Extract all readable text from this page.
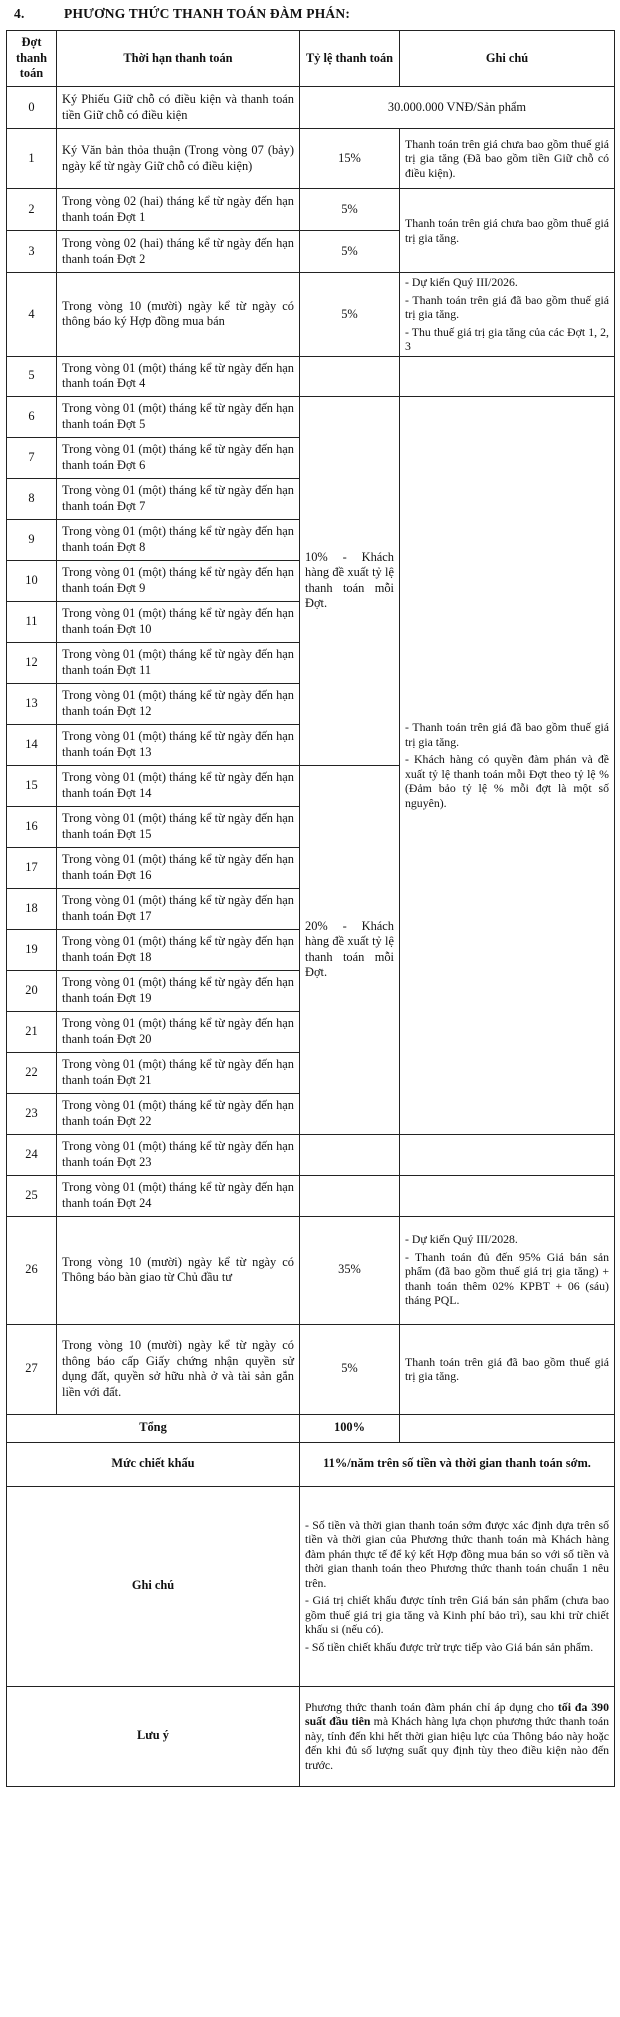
4.	PHƯƠNG THỨC THANH TOÁN ĐÀM PHÁN:
Đợt thanh toán	Thời hạn thanh toán	Tỷ lệ thanh toán	Ghi chú
0	Ký Phiếu Giữ chỗ có điều kiện và thanh toán tiền Giữ chỗ có điều kiện	30.000.000 VNĐ/Sản phẩm	
1	Ký Văn bản thỏa thuận (Trong vòng 07 (bảy) ngày kể từ ngày Giữ chỗ có điều kiện)	15%	Thanh toán trên giá chưa bao gồm thuế giá trị gia tăng (Đã bao gồm tiền Giữ chỗ có điều kiện).
2	Trong vòng 02 (hai) tháng kể từ ngày đến hạn thanh toán Đợt 1	5%	Thanh toán trên giá chưa bao gồm thuế giá trị gia tăng.
3	Trong vòng 02 (hai) tháng kể từ ngày đến hạn thanh toán Đợt 2	5%	
4	Trong vòng 10 (mười) ngày kể từ ngày có thông báo ký Hợp đồng mua bán	5%	- Dự kiến Quý III/2026.

- Thanh toán trên giá đã bao gồm thuế giá trị gia tăng.

- Thu thuế giá trị gia tăng của các Đợt 1, 2, 3

5	Trong vòng 01 (một) tháng kể từ ngày đến hạn thanh toán Đợt 4		
6	Trong vòng 01 (một) tháng kể từ ngày đến hạn thanh toán Đợt 5	10% - Khách hàng đề xuất tỷ lệ thanh toán mỗi Đợt.	- Thanh toán trên giá đã bao gồm thuế giá trị gia tăng.

- Khách hàng có quyền đàm phán và đề xuất tỷ lệ thanh toán mỗi Đợt theo tỷ lệ % (Đảm bảo tỷ lệ % mỗi đợt là một số nguyên).

7	Trong vòng 01 (một) tháng kể từ ngày đến hạn thanh toán Đợt 6		
8	Trong vòng 01 (một) tháng kể từ ngày đến hạn thanh toán Đợt 7		
9	Trong vòng 01 (một) tháng kể từ ngày đến hạn thanh toán Đợt 8		
10	Trong vòng 01 (một) tháng kể từ ngày đến hạn thanh toán Đợt 9		
11	Trong vòng 01 (một) tháng kể từ ngày đến hạn thanh toán Đợt 10		
12	Trong vòng 01 (một) tháng kể từ ngày đến hạn thanh toán Đợt 11		
13	Trong vòng 01 (một) tháng kể từ ngày đến hạn thanh toán Đợt 12		
14	Trong vòng 01 (một) tháng kể từ ngày đến hạn thanh toán Đợt 13		
15	Trong vòng 01 (một) tháng kể từ ngày đến hạn thanh toán Đợt 14	20% - Khách hàng đề xuất tỷ lệ thanh toán mỗi Đợt.	
16	Trong vòng 01 (một) tháng kể từ ngày đến hạn thanh toán Đợt 15		
17	Trong vòng 01 (một) tháng kể từ ngày đến hạn thanh toán Đợt 16		
18	Trong vòng 01 (một) tháng kể từ ngày đến hạn thanh toán Đợt 17		
19	Trong vòng 01 (một) tháng kể từ ngày đến hạn thanh toán Đợt 18		
20	Trong vòng 01 (một) tháng kể từ ngày đến hạn thanh toán Đợt 19		
21	Trong vòng 01 (một) tháng kể từ ngày đến hạn thanh toán Đợt 20		
22	Trong vòng 01 (một) tháng kể từ ngày đến hạn thanh toán Đợt 21		
23	Trong vòng 01 (một) tháng kể từ ngày đến hạn thanh toán Đợt 22		
24	Trong vòng 01 (một) tháng kể từ ngày đến hạn thanh toán Đợt 23		
25	Trong vòng 01 (một) tháng kể từ ngày đến hạn thanh toán Đợt 24		
26	Trong vòng 10 (mười) ngày kể từ ngày có Thông báo bàn giao từ Chủ đầu tư	35%	- Dự kiến Quý III/2028.

- Thanh toán đủ đến 95% Giá bán sản phẩm (đã bao gồm thuế giá trị gia tăng) + thanh toán thêm 02% KPBT + 06 (sáu) tháng PQL.

27	Trong vòng 10 (mười) ngày kể từ ngày có thông báo cấp Giấy chứng nhận quyền sử dụng đất, quyền sở hữu nhà ở và tài sản gắn liền với đất.	5%	Thanh toán trên giá đã bao gồm thuế giá trị gia tăng.
Tổng		100%	
Mức chiết khấu		11%/năm trên số tiền và thời gian thanh toán sớm.	
Ghi chú		- Số tiền và thời gian thanh toán sớm được xác định dựa trên số tiền và thời gian của Phương thức thanh toán mà Khách hàng đàm phán thực tế để ký kết Hợp đồng mua bán so với số tiền và thời gian thanh toán theo Phương thức thanh toán chuẩn 1 nêu trên.

- Giá trị chiết khấu được tính trên Giá bán sản phẩm (chưa bao gồm thuế giá trị gia tăng và Kinh phí bảo trì), sau khi trừ chiết khấu si (nếu có).

- Số tiền chiết khấu được trừ trực tiếp vào Giá bán sản phẩm.	

Lưu ý		Phương thức thanh toán đàm phán chỉ áp dụng cho tối đa 390 suất đầu tiên mà Khách hàng lựa chọn phương thức thanh toán này, tính đến khi hết thời gian hiệu lực của Thông báo này hoặc đến khi đủ số lượng suất quy định tùy theo điều kiện nào đến trước.	
